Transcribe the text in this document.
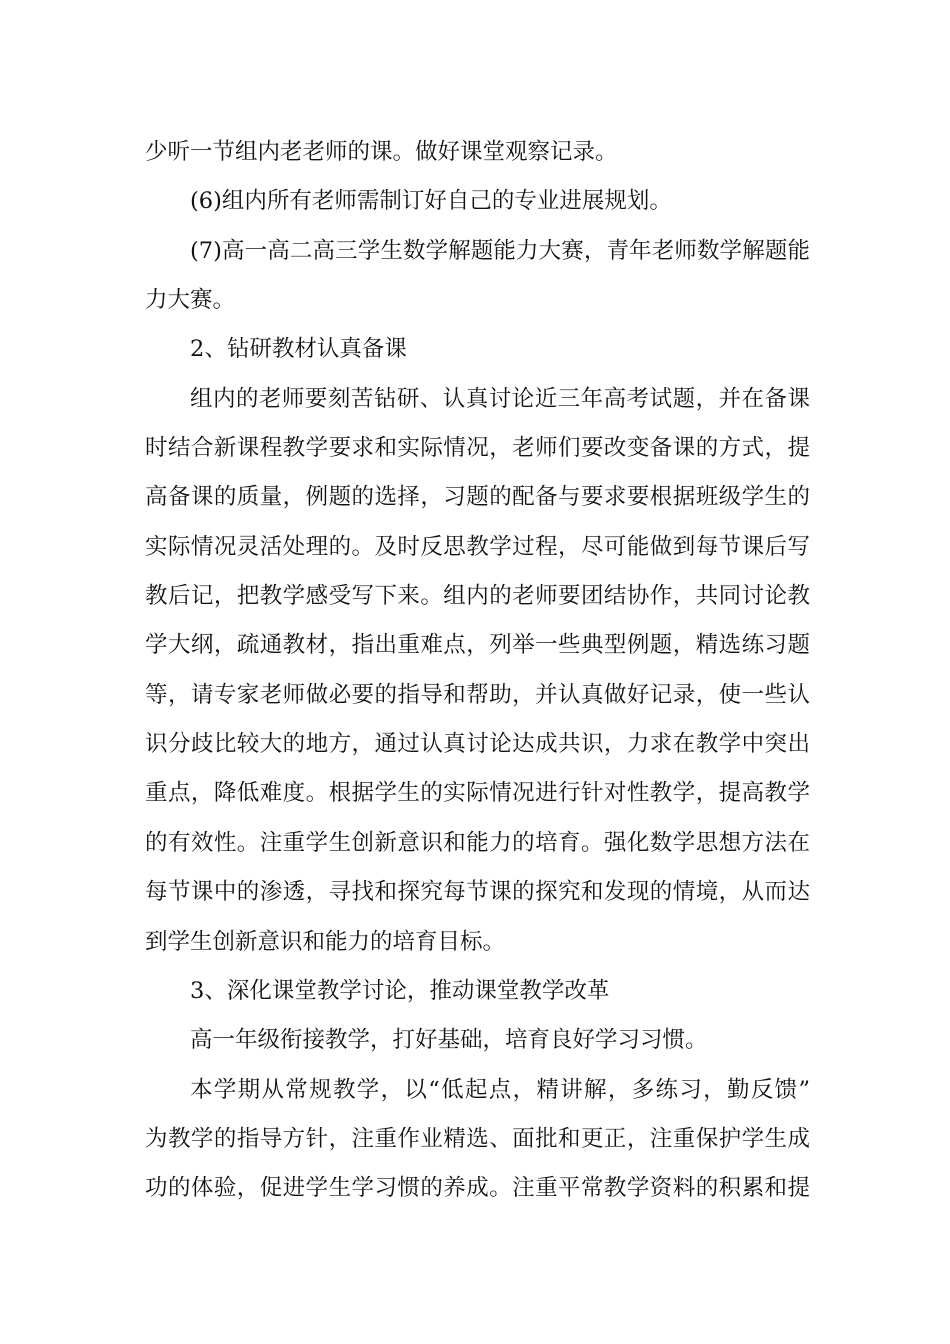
少听一节组内老老师的课。做好课堂观察记录。
(6)组内所有老师需制订好自己的专业进展规划。
(7)高一高二高三学生数学解题能力大赛，青年老师数学解题能
力大赛。
2、钻研教材认真备课
组内的老师要刻苦钻研、认真讨论近三年高考试题，并在备课
时结合新课程教学要求和实际情况，老师们要改变备课的方式，提
高备课的质量，例题的选择，习题的配备与要求要根据班级学生的
实际情况灵活处理的。及时反思教学过程，尽可能做到每节课后写
教后记，把教学感受写下来。组内的老师要团结协作，共同讨论教
学大纲，疏通教材，指出重难点，列举一些典型例题，精选练习题
等，请专家老师做必要的指导和帮助，并认真做好记录，使一些认
识分歧比较大的地方，通过认真讨论达成共识，力求在教学中突出
重点，降低难度。根据学生的实际情况进行针对性教学，提高教学
的有效性。注重学生创新意识和能力的培育。强化数学思想方法在
每节课中的渗透，寻找和探究每节课的探究和发现的情境，从而达
到学生创新意识和能力的培育目标。
3、深化课堂教学讨论，推动课堂教学改革
高一年级衔接教学，打好基础，培育良好学习习惯。
本学期从常规教学，以“低起点，精讲解，多练习，勤反馈”
为教学的指导方针，注重作业精选、面批和更正，注重保护学生成
功的体验，促进学生学习惯的养成。注重平常教学资料的积累和提
